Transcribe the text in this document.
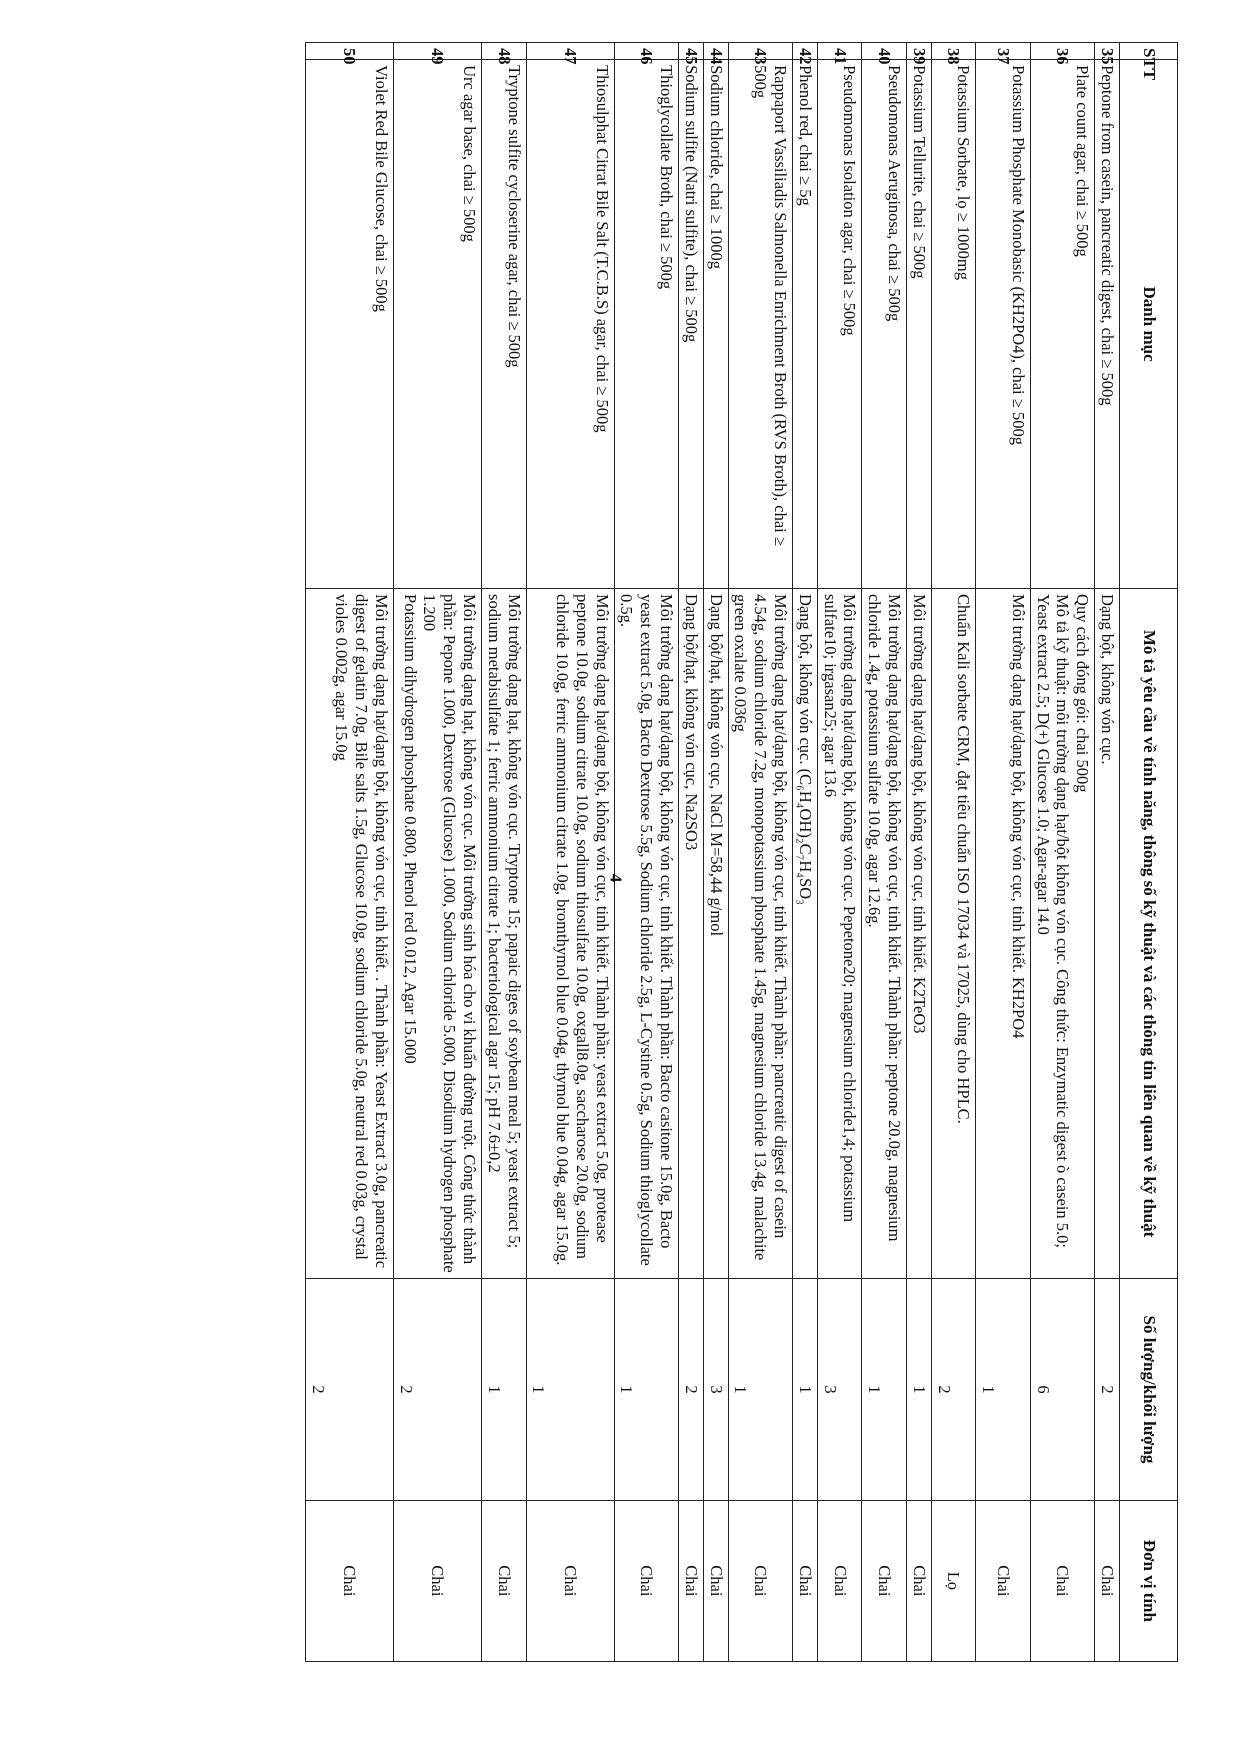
STT	Danh mục	Mô tả yêu cầu về tính năng, thông số kỹ thuật và các thông tin liên quan về kỹ thuật	Số lượng/khối lượng	Đơn vị tính
35	Peptone from casein, pancreatic digest, chai ≥ 500g	Dạng bột, không vón cục.	2	Chai
36	Plate count agar, chai ≥ 500g	Quy cách đóng gói: chai 500g
Mô tả kỹ thuật: môi trường dạng hạt/bột không vón cục. Công thức: Enzymatic digest ò casein 5.0; Yeast extract 2.5; D(+) Glucose 1.0; Agar-agar 14.0	6	Chai
37	Potassium Phosphate Monobasic (KH2PO4), chai ≥ 500g	Môi trường dạng hạt/dạng bột, không vón cục, tinh khiết. KH2PO4	1	Chai
38	Potassium Sorbate, lọ ≥ 1000mg	Chuẩn Kali sorbate CRM, đạt tiêu chuẩn ISO 17034 và 17025, dùng cho HPLC.	2	Lọ
39	Potassium Tellurite, chai ≥ 500g	Môi trường dạng hạt/dạng bột, không vón cục, tinh khiết. K2TeO3	1	Chai
40	Pseudomonas Aeruginosa, chai ≥ 500g	Môi trường dạng hạt/dạng bột, không vón cục, tinh khiết. Thành phần: peptone 20.0g, magnesium chloride 1.4g, potassium sulfate 10.0g, agar 12.6g.	1	Chai
41	Pseudomonas Isolation agar, chai ≥ 500g	Môi trường dạng hạt/dạng bột, không vón cục. Pepetone20; magnesium chloride1,4; potassium sulfate10; irgasan25; agar 13.6	3	Chai
42	Phenol red, chai ≥ 5g	Dạng bột, không vón cục. (C₆H₄OH)₂C₇H₄SO₃	1	Chai
43	Rappaport Vassiliadis Salmonella Enrichment Broth (RVS Broth), chai ≥ 500g	Môi trường dạng hạt/dạng bột, không vón cục, tinh khiết. Thành phần: pancreatic digest of casein 4.54g, sodium chloride 7.2g, monopotassium phosphate 1.45g, magnesium chloride 13.4g, malachite green oxalate 0.036g	1	Chai
44	Sodium chloride, chai ≥ 1000g	Dạng bột/hạt, không vón cục, NaCl M=58,44 g/mol	3	Chai
45	Sodium sulfite (Natri sulfite), chai ≥ 500g	Dạng bột/hạt, không vón cục, Na2SO3	2	Chai
46	Thioglycollate Broth, chai ≥ 500g	Môi trường dạng hạt/dạng bột, không vón cục, tinh khiết. Thành phần: Bacto casitone 15.0g, Bacto yeast extract 5.0g, Bacto Dextrose 5.5g, Sodium chloride 2.5g, L-Cystine 0.5g, Sodium thioglycollate 0.5g.	1	Chai
47	Thiosulphat Citrat Bile Salt (T.C.B.S) agar, chai ≥ 500g	Môi trường dạng hạt/dạng bột, không vón cục, tinh khiết. Thành phần: yeast extract 5.0g, protease peptone 10.0g, sodium citrate 10.0g, sodium thiosulfate 10.0g, oxgall8.0g, saccharose 20.0g, sodium chloride 10.0g, ferric ammonium citrate 1.0g, bromthymol blue 0.04g, thymol blue 0.04g, agar 15.0g.	1	Chai
48	Tryptone sulfite cycloserine agar, chai ≥ 500g	Môi trường dạng hạt, không vón cục. Tryptone 15; papaic diges of soybean meal 5; yeast extract 5; sodium metabisulfate 1; ferric ammonium citrate 1; bacteriological agar 15; pH 7.6±0,2	1	Chai
49	Urc agar base, chai ≥ 500g	Môi trường dạng hạt, không vón cục. Môi trường sinh hóa cho vi khuẩn đường ruột. Công thức thành phần: Pepone 1.000, Dextrose (Glucose) 1.000, Sodium chloride 5.000, Disodium hydrogen phosphate 1.200
Potassium dihydrogen phosphate 0.800, Phenol red 0.012, Agar 15.000	2	Chai
50	Violet Red Bile Glucose, chai ≥ 500g	Môi trường dạng hạt/dạng bột, không vón cục, tinh khiết. . Thành phần: Yeast Extract 3.0g, pancreatic digest of gelatin 7.0g, Bile salts 1.5g, Glucose 10.0g, sodium chloride 5.0g, neutral red 0.03g, crystal violes 0.002g, agar 15.0g	2	Chai
4
